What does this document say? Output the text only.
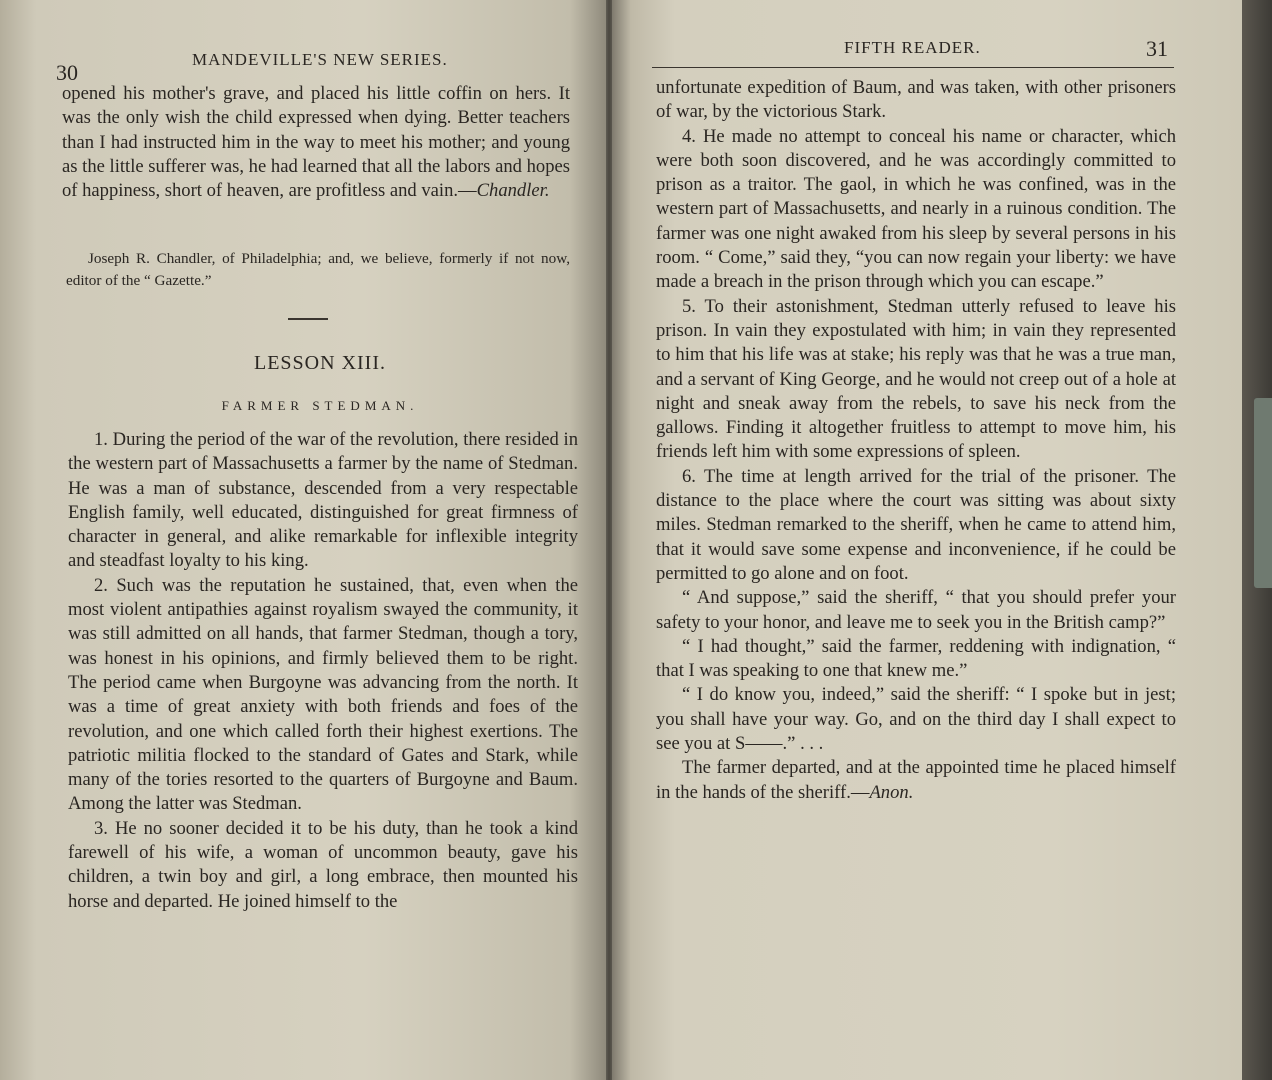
30
MANDEVILLE'S NEW SERIES.

opened his mother's grave, and placed his little coffin on hers. It was the only wish the child expressed when dying. Better teachers than I had instructed him in the way to meet his mother; and young as the little sufferer was, he had learned that all the labors and hopes of happiness, short of heaven, are profitless and vain.—Chandler.

Joseph R. Chandler, of Philadelphia; and, we believe, formerly if not now, editor of the “ Gazette.”
LESSON XIII.
FARMER STEDMAN.

1. During the period of the war of the revolution, there resided in the western part of Massachusetts a farmer by the name of Stedman. He was a man of substance, descended from a very respectable English family, well educated, distinguished for great firmness of character in general, and alike remarkable for inflexible integrity and steadfast loyalty to his king.

2. Such was the reputation he sustained, that, even when the most violent antipathies against royalism swayed the community, it was still admitted on all hands, that farmer Stedman, though a tory, was honest in his opinions, and firmly believed them to be right. The period came when Burgoyne was advancing from the north. It was a time of great anxiety with both friends and foes of the revolution, and one which called forth their highest exertions. The patriotic militia flocked to the standard of Gates and Stark, while many of the tories resorted to the quarters of Burgoyne and Baum. Among the latter was Stedman.

3. He no sooner decided it to be his duty, than he took a kind farewell of his wife, a woman of uncommon beauty, gave his children, a twin boy and girl, a long embrace, then mounted his horse and departed. He joined himself to the

FIFTH READER.	31

unfortunate expedition of Baum, and was taken, with other prisoners of war, by the victorious Stark.

4. He made no attempt to conceal his name or character, which were both soon discovered, and he was accordingly committed to prison as a traitor. The gaol, in which he was confined, was in the western part of Massachusetts, and nearly in a ruinous condition. The farmer was one night awaked from his sleep by several persons in his room. “ Come,” said they, “you can now regain your liberty: we have made a breach in the prison through which you can escape.”

5. To their astonishment, Stedman utterly refused to leave his prison. In vain they expostulated with him; in vain they represented to him that his life was at stake; his reply was that he was a true man, and a servant of King George, and he would not creep out of a hole at night and sneak away from the rebels, to save his neck from the gallows. Finding it altogether fruitless to attempt to move him, his friends left him with some expressions of spleen.

6. The time at length arrived for the trial of the prisoner. The distance to the place where the court was sitting was about sixty miles. Stedman remarked to the sheriff, when he came to attend him, that it would save some expense and inconvenience, if he could be permitted to go alone and on foot.

“ And suppose,” said the sheriff, “ that you should prefer your safety to your honor, and leave me to seek you in the British camp?”

“ I had thought,” said the farmer, reddening with indignation, “ that I was speaking to one that knew me.”

“ I do know you, indeed,” said the sheriff: “ I spoke but in jest; you shall have your way. Go, and on the third day I shall expect to see you at S——.” . . .

The farmer departed, and at the appointed time he placed himself in the hands of the sheriff.—Anon.
